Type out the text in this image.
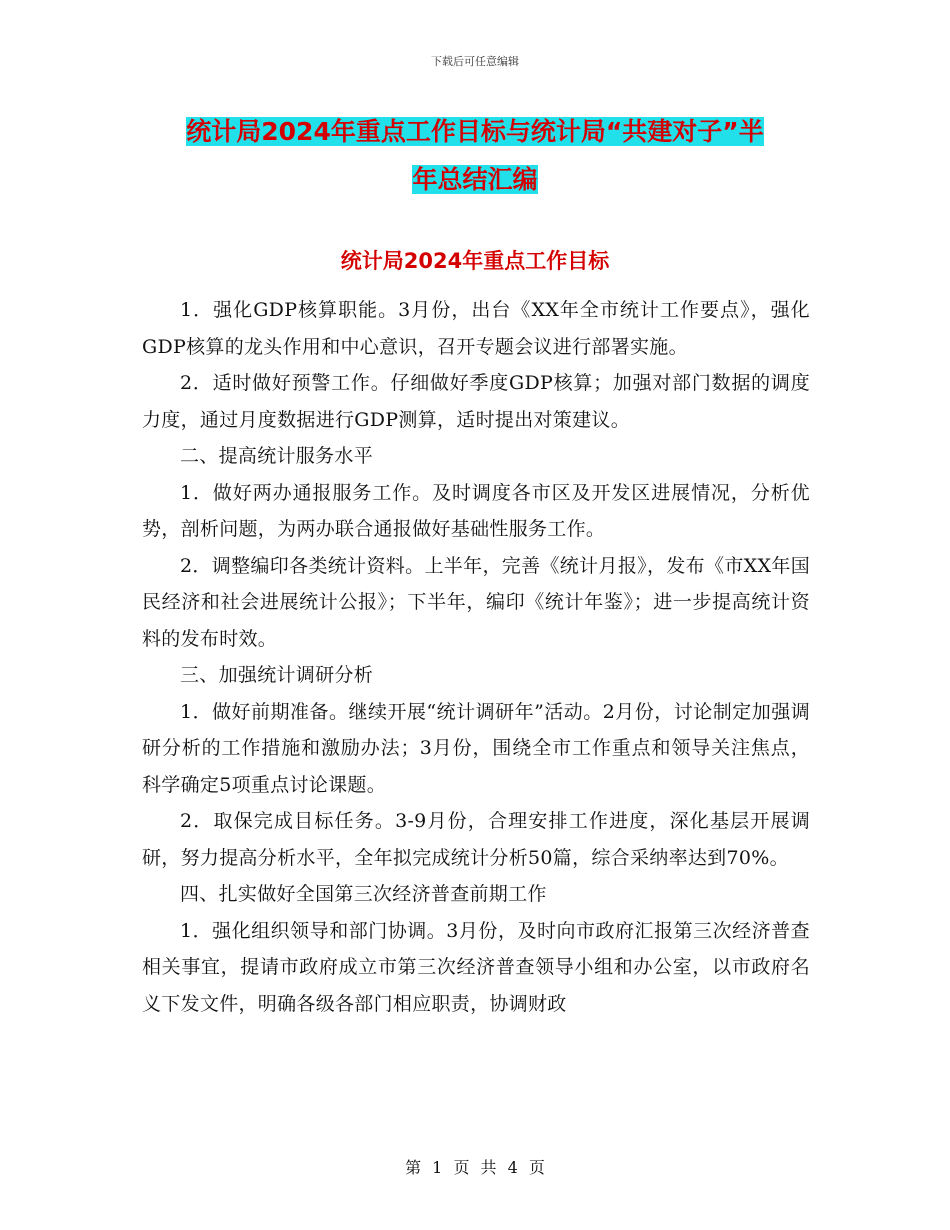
下载后可任意编辑
统计局2024年重点工作目标与统计局“共建对子”半
年总结汇编
统计局2024年重点工作目标

1．强化GDP核算职能。3月份，出台《XX年全市统计工作要点》，强化GDP核算的龙头作用和中心意识，召开专题会议进行部署实施。

2．适时做好预警工作。仔细做好季度GDP核算；加强对部门数据的调度力度，通过月度数据进行GDP测算，适时提出对策建议。

二、提高统计服务水平

1．做好两办通报服务工作。及时调度各市区及开发区进展情况，分析优势，剖析问题，为两办联合通报做好基础性服务工作。

2．调整编印各类统计资料。上半年，完善《统计月报》，发布《市XX年国民经济和社会进展统计公报》；下半年，编印《统计年鉴》；进一步提高统计资料的发布时效。

三、加强统计调研分析

1．做好前期准备。继续开展“统计调研年”活动。2月份，讨论制定加强调研分析的工作措施和激励办法；3月份，围绕全市工作重点和领导关注焦点，科学确定5项重点讨论课题。

2．取保完成目标任务。3-9月份，合理安排工作进度，深化基层开展调研，努力提高分析水平，全年拟完成统计分析50篇，综合采纳率达到70%。

四、扎实做好全国第三次经济普查前期工作

1．强化组织领导和部门协调。3月份，及时向市政府汇报第三次经济普查相关事宜，提请市政府成立市第三次经济普查领导小组和办公室，以市政府名义下发文件，明确各级各部门相应职责，协调财政

第 1 页 共 4 页
